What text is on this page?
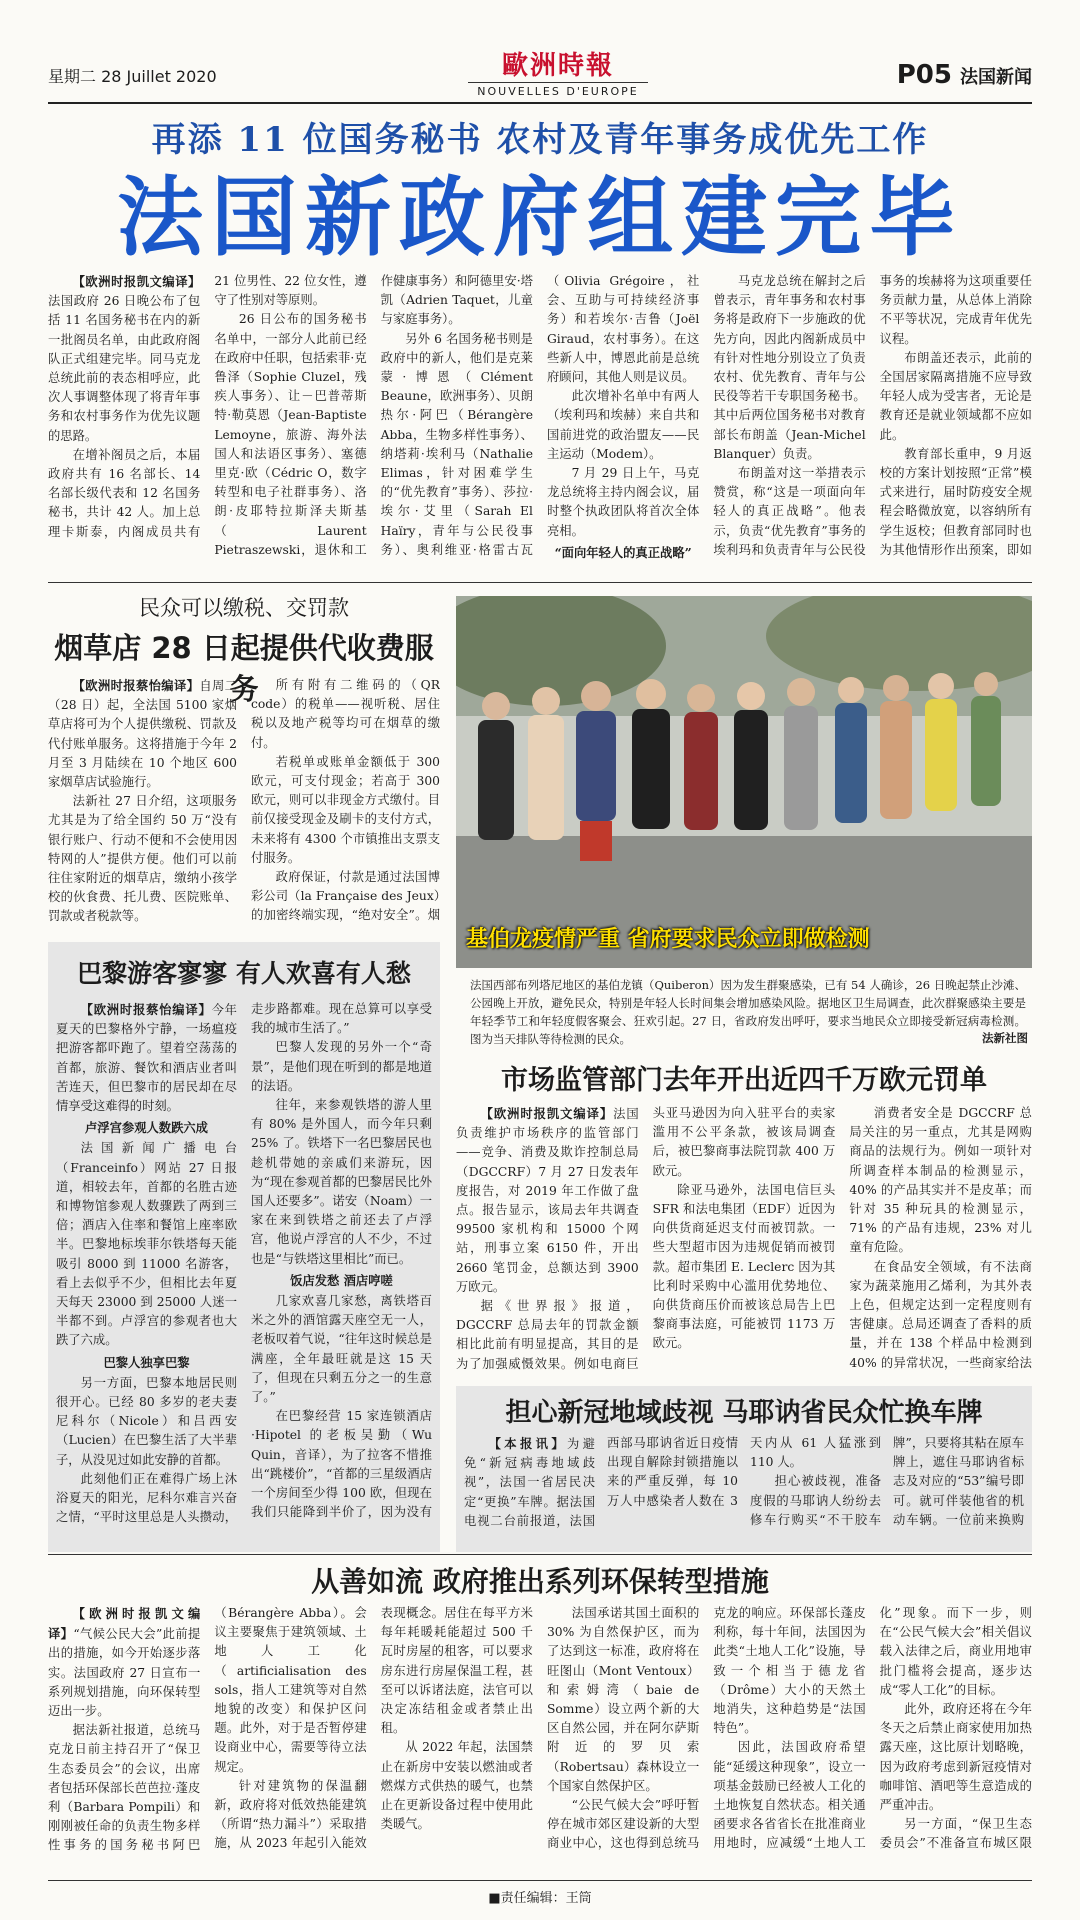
星期二 28 Juillet 2020	歐洲時報
NOUVELLES D'EUROPE
P05 法国新闻
再添 11 位国务秘书 农村及青年事务成优先工作
法国新政府组建完毕

【欧洲时报凯文编译】法国政府 26 日晚公布了包括 11 名国务秘书在内的新一批阁员名单，由此政府阁队正式组建完毕。同马克龙总统此前的表态相呼应，此次人事调整体现了将青年事务和农村事务作为优先议题的思路。

在增补阁员之后，本届政府共有 16 名部长、14 名部长级代表和 12 名国务秘书，共计 42 人。加上总理卡斯泰，内阁成员共有 21 位男性、22 位女性，遵守了性别对等原则。

26 日公布的国务秘书名单中，一部分人此前已经在政府中任职，包括索菲·克鲁泽（Sophie Cluzel，残疾人事务）、让－巴普蒂斯特·勒莫恩（Jean-Baptiste Lemoyne，旅游、海外法国人和法语区事务）、塞德里克·欧（Cédric O，数字转型和电子社群事务）、洛朗·皮耶特拉斯泽夫斯基（Laurent Pietraszewski，退休和工作健康事务）和阿德里安·塔凯（Adrien Taquet，儿童与家庭事务）。

另外 6 名国务秘书则是政府中的新人，他们是克莱蒙·博恩（Clément Beaune，欧洲事务）、贝朗热尔·阿巴（Bérangère Abba，生物多样性事务）、纳塔莉·埃利马（Nathalie Elimas，针对困难学生的“优先教育”事务）、莎拉·埃尔·艾里（Sarah El Haïry，青年与公民役事务）、奥利维亚·格雷古瓦（Olivia Grégoire，社会、互助与可持续经济事务）和若埃尔·吉鲁（Joël Giraud，农村事务）。在这些新人中，博恩此前是总统府顾问，其他人则是议员。

此次增补名单中有两人（埃利玛和埃赫）来自共和国前进党的政治盟友——民主运动（Modem）。

7 月 29 日上午，马克龙总统将主持内阁会议，届时整个执政团队将首次全体亮相。

“面向年轻人的真正战略”

马克龙总统在解封之后曾表示，青年事务和农村事务将是政府下一步施政的优先方向，因此内阁新成员中有针对性地分别设立了负责农村、优先教育、青年与公民役等若干专职国务秘书。其中后两位国务秘书对教育部长布朗盖（Jean-Michel Blanquer）负责。

布朗盖对这一举措表示赞赏，称“这是一项面向年轻人的真正战略”。他表示，负责“优先教育”事务的埃利玛和负责青年与公民役事务的埃赫将为这项重要任务贡献力量，从总体上消除不平等状况，完成青年优先议程。

布朗盖还表示，此前的全国居家隔离措施不应导致年轻人成为受害者，无论是教育还是就业领域都不应如此。

教育部长重申，9 月返校的方案计划按照“正常”模式来进行，届时防疫安全规程会略微放宽，以容纳所有学生返校；但教育部同时也为其他情形作出预案，即如

民众可以缴税、交罚款
烟草店 28 日起提供代收费服务

【欧洲时报蔡怡编译】自周二（28 日）起，全法国 5100 家烟草店将可为个人提供缴税、罚款及代付账单服务。这将措施于今年 2 月至 3 月陆续在 10 个地区 600 家烟草店试验施行。

法新社 27 日介绍，这项服务尤其是为了给全国约 50 万“没有银行账户、行动不便和不会使用因特网的人”提供方便。他们可以前往住家附近的烟草店，缴纳小孩学校的伙食费、托儿费、医院账单、罚款或者税款等。

所有附有二维码的（QR code）的税单——视听税、居住税以及地产税等均可在烟草的缴付。

若税单或账单金额低于 300 欧元，可支付现金；若高于 300 欧元，则可以非现金方式缴付。目前仅接受现金及刷卡的支付方式，未来将有 4300 个市镇推出支票支付服务。

政府保证，付款是通过法国博彩公司（la Française des Jeux）的加密终端实现，“绝对安全”。烟

基伯龙疫情严重 省府要求民众立即做检测
法国西部布列塔尼地区的基伯龙镇（Quiberon）因为发生群聚感染，已有 54 人确诊，26 日晚起禁止沙滩、公园晚上开放，避免民众，特别是年轻人长时间集会增加感染风险。据地区卫生局调查，此次群聚感染主要是年轻季节工和年轻度假客聚会、狂欢引起。27 日，省政府发出呼吁，要求当地民众立即接受新冠病毒检测。图为当天排队等待检测的民众。	法新社图
巴黎游客寥寥 有人欢喜有人愁

【欧洲时报蔡怡编译】今年夏天的巴黎格外宁静，一场瘟疫把游客都吓跑了。望着空荡荡的首都，旅游、餐饮和酒店业者叫苦连天，但巴黎市的居民却在尽情享受这难得的时刻。

卢浮宫参观人数跌六成

法国新闻广播电台（Franceinfo）网站 27 日报道，相较去年，首都的名胜古迹和博物馆参观人数骤跌了两到三倍；酒店入住率和餐馆上座率欧半。巴黎地标埃菲尔铁塔每天能吸引 8000 到 11000 名游客，看上去似乎不少，但相比去年夏天每天 23000 到 25000 人迷一半都不到。卢浮宫的参观者也大跌了六成。

巴黎人独享巴黎

另一方面，巴黎本地居民则很开心。已经 80 多岁的老夫妻尼科尔（Nicole）和吕西安（Lucien）在巴黎生活了大半辈子，从没见过如此安静的首都。

此刻他们正在难得广场上沐浴夏天的阳光，尼科尔难言兴奋之情，“平时这里总是人头攒动，走步路都难。现在总算可以享受我的城市生活了。”

巴黎人发现的另外一个“奇景”，是他们现在听到的都是地道的法语。

往年，来参观铁塔的游人里有 80% 是外国人，而今年只剩 25% 了。铁塔下一名巴黎居民也趁机带她的亲戚们来游玩，因为“现在参观首都的巴黎居民比外国人还要多”。诺安（Noam）一家在来到铁塔之前还去了卢浮宫，他说卢浮宫的人不少，不过也是“与铁塔这里相比”而已。

饭店发愁 酒店哼嗟

几家欢喜几家愁，离铁塔百米之外的酒馆露天座空无一人，老板叹着气说，“往年这时候总是满座，全年最旺就是这 15 天了，但现在只剩五分之一的生意了。”

在巴黎经营 15 家连锁酒店·Hipotel 的老板吴勤（Wu Quin，音译），为了拉客不惜推出“跳楼价”，“首都的三星级酒店一个房间至少得 100 欧，但现在我们只能降到半价了，因为没有

市场监管部门去年开出近四千万欧元罚单

【欧洲时报凯文编译】法国负责维护市场秩序的监管部门——竞争、消费及欺诈控制总局（DGCCRF）7 月 27 日发表年度报告，对 2019 年工作做了盘点。报告显示，该局去年共调查 99500 家机构和 15000 个网站，刑事立案 6150 件，开出 2660 笔罚金，总额达到 3900 万欧元。

据《世界报》报道，DGCCRF 总局去年的罚款金额相比此前有明显提高，其目的是为了加强威慑效果。例如电商巨头亚马逊因为向入驻平台的卖家滥用不公平条款，被该局调查后，被巴黎商事法院罚款 400 万欧元。

除亚马逊外，法国电信巨头 SFR 和法电集团（EDF）近因为向供货商延迟支付而被罚款。一些大型超市因为违规促销而被罚款。超市集团 E. Leclerc 因为其比利时采购中心滥用优势地位、向供货商压价而被该总局告上巴黎商事法庭，可能被罚 1173 万欧元。

消费者安全是 DGCCRF 总局关注的另一重点，尤其是网购商品的法规行为。例如一项针对所调查样本制品的检测显示，40% 的产品其实并不是皮革；而针对 35 种玩具的检测显示，71% 的产品有违规，23% 对儿童有危险。

在食品安全领域，有不法商家为蔬菜施用乙烯利，为其外表上色，但规定达到一定程度则有害健康。总局还调查了香料的质量，并在 138 个样品中检测到 40% 的异常状况，一些商家给法

担心新冠地域歧视 马耶讷省民众忙换车牌

【本报讯】为避免“新冠病毒地域歧视”，法国一省居民决定“更换”车牌。据法国电视二台前报道，法国西部马耶讷省近日疫情出现自解除封锁措施以来的严重反弹，每 10 万人中感染者人数在 3 天内从 61 人猛涨到 110 人。

担心被歧视，准备度假的马耶讷人纷纷去修车行购买“不干胶车牌”，只要将其粘在原车牌上，遮住马耶讷省标志及对应的“53”编号即可。就可伴装他省的机动车辆。一位前来换购

从善如流 政府推出系列环保转型措施

【欧洲时报凯文编译】“气候公民大会”此前提出的措施，如今开始逐步落实。法国政府 27 日宣布一系列规划措施，向环保转型迈出一步。

据法新社报道，总统马克龙日前主持召开了“保卫生态委员会”的会议，出席者包括环保部长芭芭拉·蓬皮利（Barbara Pompili）和刚刚被任命的负责生物多样性事务的国务秘书阿巴（Bérangère Abba）。会议主要聚焦于建筑领域、土地人工化（artificialisation des sols，指人工建筑等对自然地貌的改变）和保护区问题。此外，对于是否暂停建设商业中心，需要等待立法规定。

针对建筑物的保温翻新，政府将对低效热能建筑（所谓“热力漏斗”）采取措施，从 2023 年起引入能效表现概念。居住在每平方米每年耗暖耗能超过 500 千瓦时房屋的租客，可以要求房东进行房屋保温工程，甚至可以诉诸法庭，法官可以决定冻结租金或者禁止出租。

从 2022 年起，法国禁止在新房中安装以燃油或者燃煤方式供热的暖气，也禁止在更新设备过程中使用此类暖气。

法国承诺其国土面积的 30% 为自然保护区，而为了达到这一标准，政府将在旺图山（Mont Ventoux）和索姆湾（baie de Somme）设立两个新的大区自然公园，并在阿尔萨斯附近的罗贝索（Robertsau）森林设立一个国家自然保护区。

“公民气候大会”呼吁暂停在城市郊区建设新的大型商业中心，这也得到总统马克龙的响应。环保部长蓬皮利称，每十年间，法国因为此类“土地人工化”设施，导致一个相当于德龙省（Drôme）大小的天然土地消失，这种趋势是“法国特色”。

因此，法国政府希望能“延缓这种现象”，设立一项基金鼓励已经被人工化的土地恢复自然状态。相关通函要求各省省长在批准商业用地时，应减缓“土地人工化”现象。而下一步，则在“公民气候大会”相关倡议载入法律之后，商业用地审批门槛将会提高，逐步达成“零人工化”的目标。

此外，政府还将在今年冬天之后禁止商家使用加热露天座，这比原计划略晚，因为政府考虑到新冠疫情对咖啡馆、酒吧等生意造成的严重冲击。

另一方面，“保卫生态委员会”不准备宣布城区限

■责任编辑：王筒
